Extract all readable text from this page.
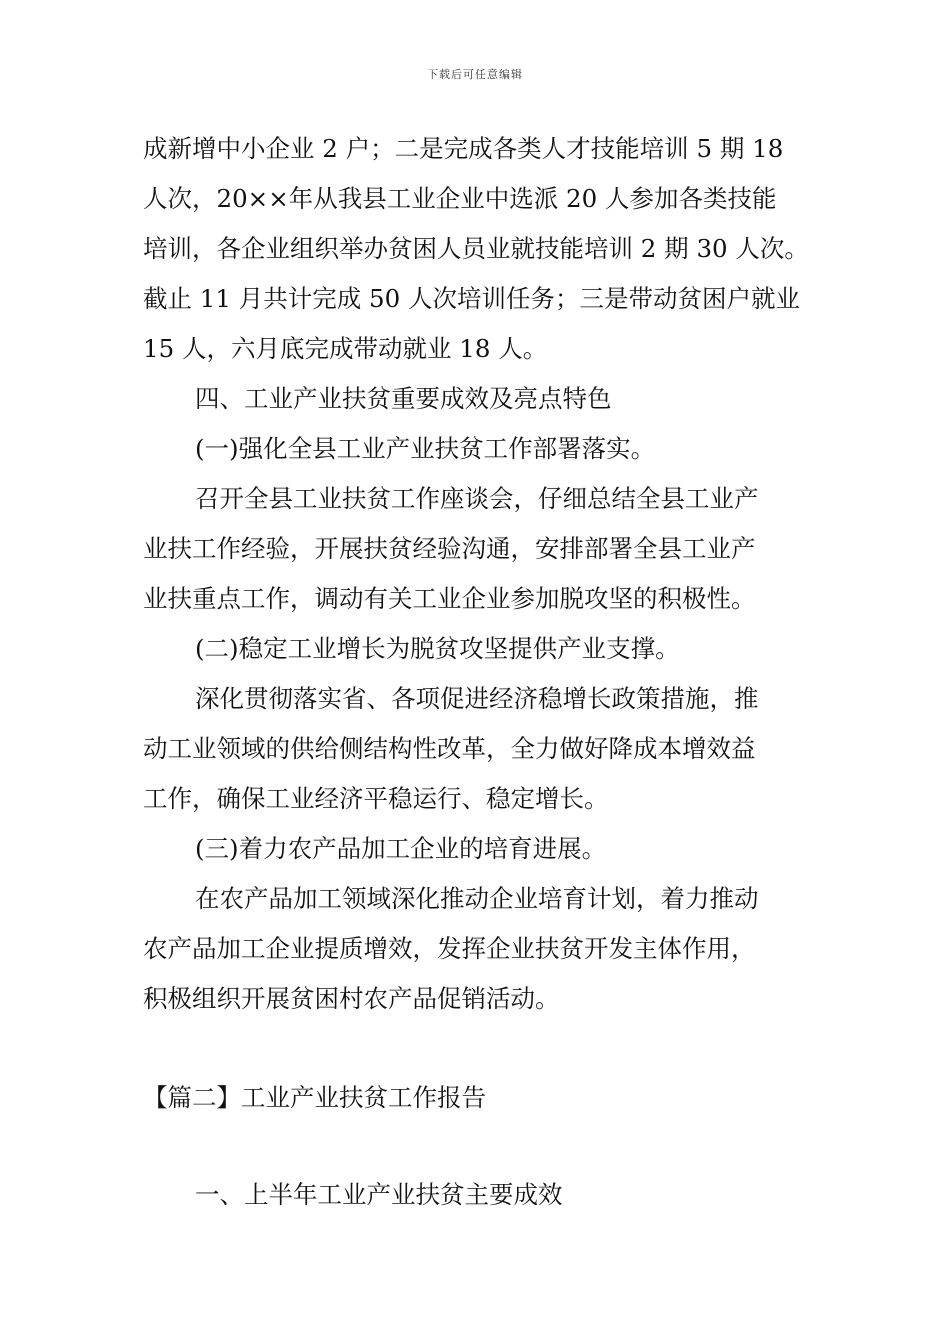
下载后可任意编辑

成新增中小企业 2 户；二是完成各类人才技能培训 5 期 18

人次，20××年从我县工业企业中选派 20 人参加各类技能

培训，各企业组织举办贫困人员业就技能培训 2 期 30 人次。

截止 11 月共计完成 50 人次培训任务；三是带动贫困户就业

15 人，六月底完成带动就业 18 人。

四、工业产业扶贫重要成效及亮点特色

(一)强化全县工业产业扶贫工作部署落实。

召开全县工业扶贫工作座谈会，仔细总结全县工业产

业扶工作经验，开展扶贫经验沟通，安排部署全县工业产

业扶重点工作，调动有关工业企业参加脱攻坚的积极性。

(二)稳定工业增长为脱贫攻坚提供产业支撑。

深化贯彻落实省、各项促进经济稳增长政策措施，推

动工业领域的供给侧结构性改革，全力做好降成本增效益

工作，确保工业经济平稳运行、稳定增长。

(三)着力农产品加工企业的培育进展。

在农产品加工领域深化推动企业培育计划，着力推动

农产品加工企业提质增效，发挥企业扶贫开发主体作用，

积极组织开展贫困村农产品促销活动。

【篇二】工业产业扶贫工作报告

一、上半年工业产业扶贫主要成效
